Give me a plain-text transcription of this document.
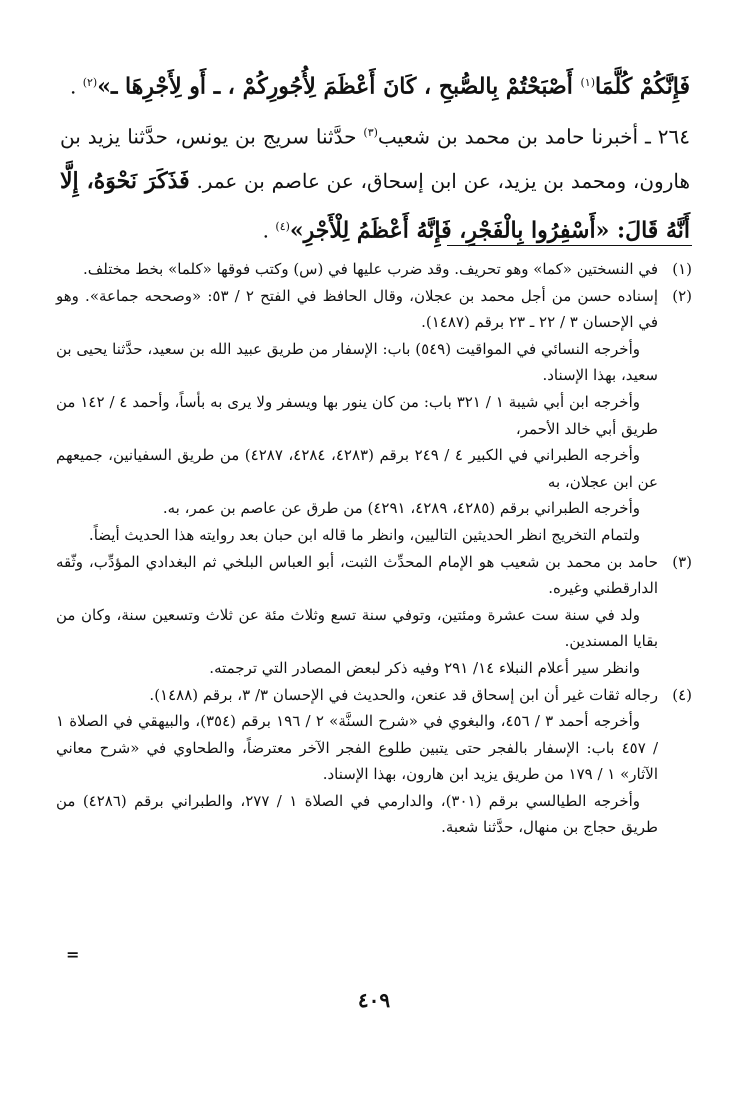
فَإِنَّكُمْ كُلَّمَا$^{(١)}$ أَصْبَحْتُمْ بِالصُّبحِ ، كَانَ أَعْظَمَ لِأُجُورِكُمْ ، ـ أَو لِأَجْرِهَا ـ»$^{(٢)}$ .
٢٦٤ ـ أخبرنا حامد بن محمد بن شعيب$^{(٣)}$ حدَّثنا سريج بن يونس، حدَّثنا يزيد بن هارون، ومحمد بن يزيد، عن ابن إسحاق، عن عاصم بن عمر. فَذَكَرَ نَحْوَهُ، إِلَّا أَنَّهُ قَالَ: «أَسْفِرُوا بِالْفَجْرِ، فَإِنَّهُ أَعْظَمُ لِلْأَجْرِ»$^{(٤)}$ .
(١)

في النسختين «كما» وهو تحريف. وقد ضرب عليها في (س) وكتب فوقها «كلما» بخط مختلف.

(٢)

إسناده حسن من أجل محمد بن عجلان، وقال الحافظ في الفتح ٢ / ٥٣: «وصححه جماعة». وهو في الإحسان ٣ / ٢٢ ـ ٢٣ برقم (١٤٨٧).

وأخرجه النسائي في المواقيت (٥٤٩) باب: الإسفار من طريق عبيد الله بن سعيد، حدَّثنا يحيى بن سعيد، بهذا الإسناد.

وأخرجه ابن أبي شيبة ١ / ٣٢١ باب: من كان ينور بها ويسفر ولا يرى به بأساً، وأحمد ٤ / ١٤٢ من طريق أبي خالد الأحمر،

وأخرجه الطبراني في الكبير ٤ / ٢٤٩ برقم (٤٢٨٣، ٤٢٨٤، ٤٢٨٧) من طريق السفيانين، جميعهم عن ابن عجلان، به

وأخرجه الطبراني برقم (٤٢٨٥، ٤٢٨٩، ٤٢٩١) من طرق عن عاصم بن عمر، به.

ولتمام التخريج انظر الحديثين التاليين، وانظر ما قاله ابن حبان بعد روايته هذا الحديث أيضاً.

(٣)

حامد بن محمد بن شعيب هو الإمام المحدِّث الثبت، أبو العباس البلخي ثم البغدادي المؤدِّب، وثّقه الدارقطني وغيره.

ولد في سنة ست عشرة ومئتين، وتوفي سنة تسع وثلاث مئة عن ثلاث وتسعين سنة، وكان من بقايا المسندين.

وانظر سير أعلام النبلاء ١٤/ ٢٩١ وفيه ذكر لبعض المصادر التي ترجمته.

(٤)

رجاله ثقات غير أن ابن إسحاق قد عنعن، والحديث في الإحسان ٣/ ٣، برقم (١٤٨٨).

وأخرجه أحمد ٣ / ٤٥٦، والبغوي في «شرح السنَّة» ٢ / ١٩٦ برقم (٣٥٤)، والبيهقي في الصلاة ١ / ٤٥٧ باب: الإسفار بالفجر حتى يتبين طلوع الفجر الآخر معترضاً، والطحاوي في «شرح معاني الآثار» ١ / ١٧٩ من طريق يزيد ابن هارون، بهذا الإسناد.

وأخرجه الطيالسي برقم (٣٠١)، والدارمي في الصلاة ١ / ٢٧٧، والطبراني برقم (٤٢٨٦) من طريق حجاج بن منهال، حدَّثنا شعبة.

=
٤٠٩
